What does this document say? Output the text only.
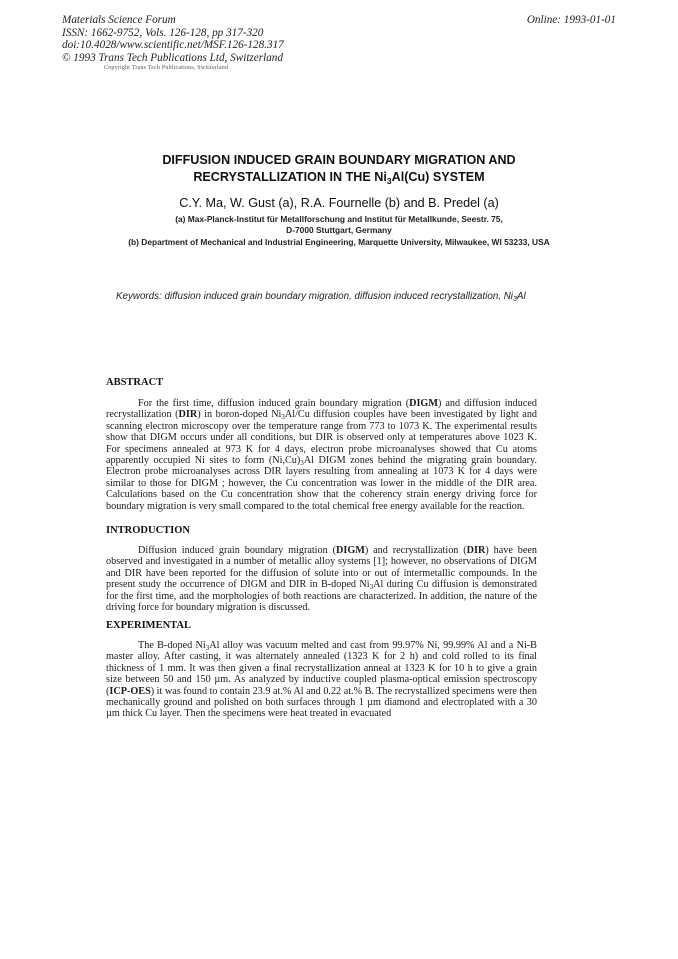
Materials Science Forum
ISSN: 1662-9752, Vols. 126-128, pp 317-320
doi:10.4028/www.scientific.net/MSF.126-128.317
© 1993 Trans Tech Publications Ltd, Switzerland
Online: 1993-01-01
Copyright Trans Tech Publications, Switzerland
DIFFUSION INDUCED GRAIN BOUNDARY MIGRATION AND
RECRYSTALLIZATION IN THE $Ni_3Al(Cu)$ SYSTEM
C.Y. Ma, W. Gust (a), R.A. Fournelle (b) and B. Predel (a)
(a) Max-Planck-Institut für Metallforschung and Institut für Metallkunde, Seestr. 75,
D-7000 Stuttgart, Germany
(b) Department of Mechanical and Industrial Engineering, Marquette University, Milwaukee, WI 53233, USA
Keywords: diffusion induced grain boundary migration, diffusion induced recrystallization, $Ni_3Al$
ABSTRACT
For the first time, diffusion induced grain boundary migration (DIGM) and diffusion induced recrystallization (DIR) in boron-doped $Ni_3Al/Cu$ diffusion couples have been investigated by light and scanning electron microscopy over the temperature range from 773 to 1073 K. The experimental results show that DIGM occurs under all conditions, but DIR is observed only at temperatures above 1023 K. For specimens annealed at 973 K for 4 days, electron probe microanalyses showed that Cu atoms apparently occupied Ni sites to form $(Ni,Cu)_3Al$ DIGM zones behind the migrating grain boundary. Electron probe microanalyses across DIR layers resulting from annealing at 1073 K for 4 days were similar to those for DIGM ; however, the Cu concentration was lower in the middle of the DIR area. Calculations based on the Cu concentration show that the coherency strain energy driving force for boundary migration is very small compared to the total chemical free energy available for the reaction.
INTRODUCTION
Diffusion induced grain boundary migration (DIGM) and recrystallization (DIR) have been observed and investigated in a number of metallic alloy systems [1]; however, no observations of DIGM and DIR have been reported for the diffusion of solute into or out of intermetallic compounds. In the present study the occurrence of DIGM and DIR in B-doped $Ni_3Al$ during Cu diffusion is demonstrated for the first time, and the morphologies of both reactions are characterized. In addition, the nature of the driving force for boundary migration is discussed.
EXPERIMENTAL
The B-doped $Ni_3Al$ alloy was vacuum melted and cast from 99.97% Ni, 99.99% Al and a Ni-B master alloy. After casting, it was alternately annealed (1323 K for 2 h) and cold rolled to its final thickness of 1 mm. It was then given a final recrystallization anneal at 1323 K for 10 h to give a grain size between 50 and 150 µm. As analyzed by inductive coupled plasma-optical emission spectroscopy (ICP-OES) it was found to contain 23.9 at.% Al and 0.22 at.% B. The recrystallized specimens were then mechanically ground and polished on both surfaces through 1 µm diamond and electroplated with a 30 µm thick Cu layer. Then the specimens were heat treated in evacuated
